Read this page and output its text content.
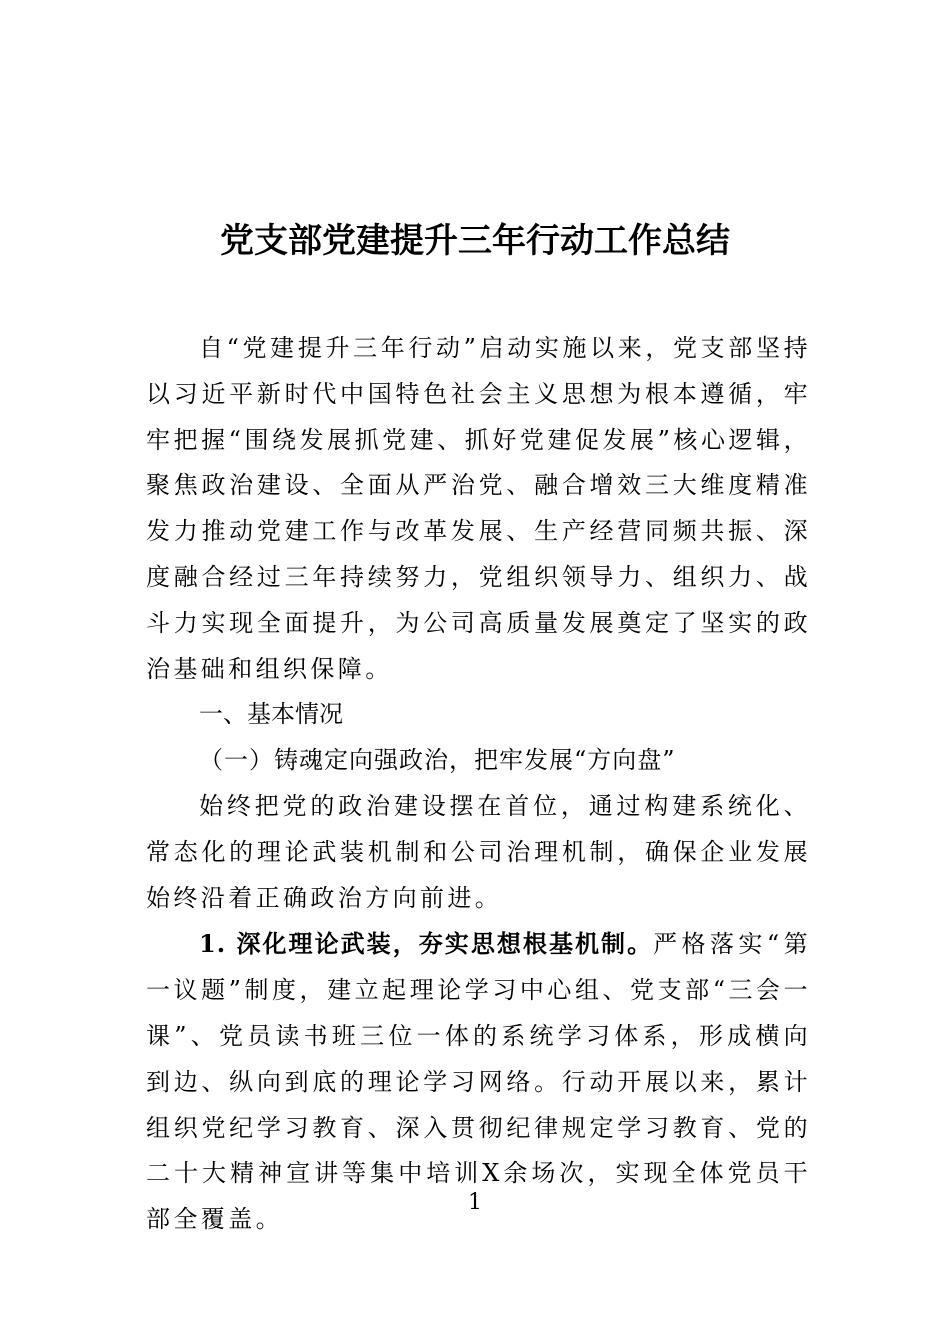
党支部党建提升三年行动工作总结

自“党建提升三年行动”启动实施以来，党支部坚持以习近平新时代中国特色社会主义思想为根本遵循，牢牢把握“围绕发展抓党建、抓好党建促发展”核心逻辑，聚焦政治建设、全面从严治党、融合增效三大维度精准发力推动党建工作与改革发展、生产经营同频共振、深度融合经过三年持续努力，党组织领导力、组织力、战斗力实现全面提升，为公司高质量发展奠定了坚实的政治基础和组织保障。

一、基本情况

（一）铸魂定向强政治，把牢发展“方向盘”

始终把党的政治建设摆在首位，通过构建系统化、常态化的理论武装机制和公司治理机制，确保企业发展始终沿着正确政治方向前进。

1. 深化理论武装，夯实思想根基机制。严格落实“第一议题”制度，建立起理论学习中心组、党支部“三会一课”、党员读书班三位一体的系统学习体系，形成横向到边、纵向到底的理论学习网络。行动开展以来，累计组织党纪学习教育、深入贯彻纪律规定学习教育、党的二十大精神宣讲等集中培训X余场次，实现全体党员干部全覆盖。

1
